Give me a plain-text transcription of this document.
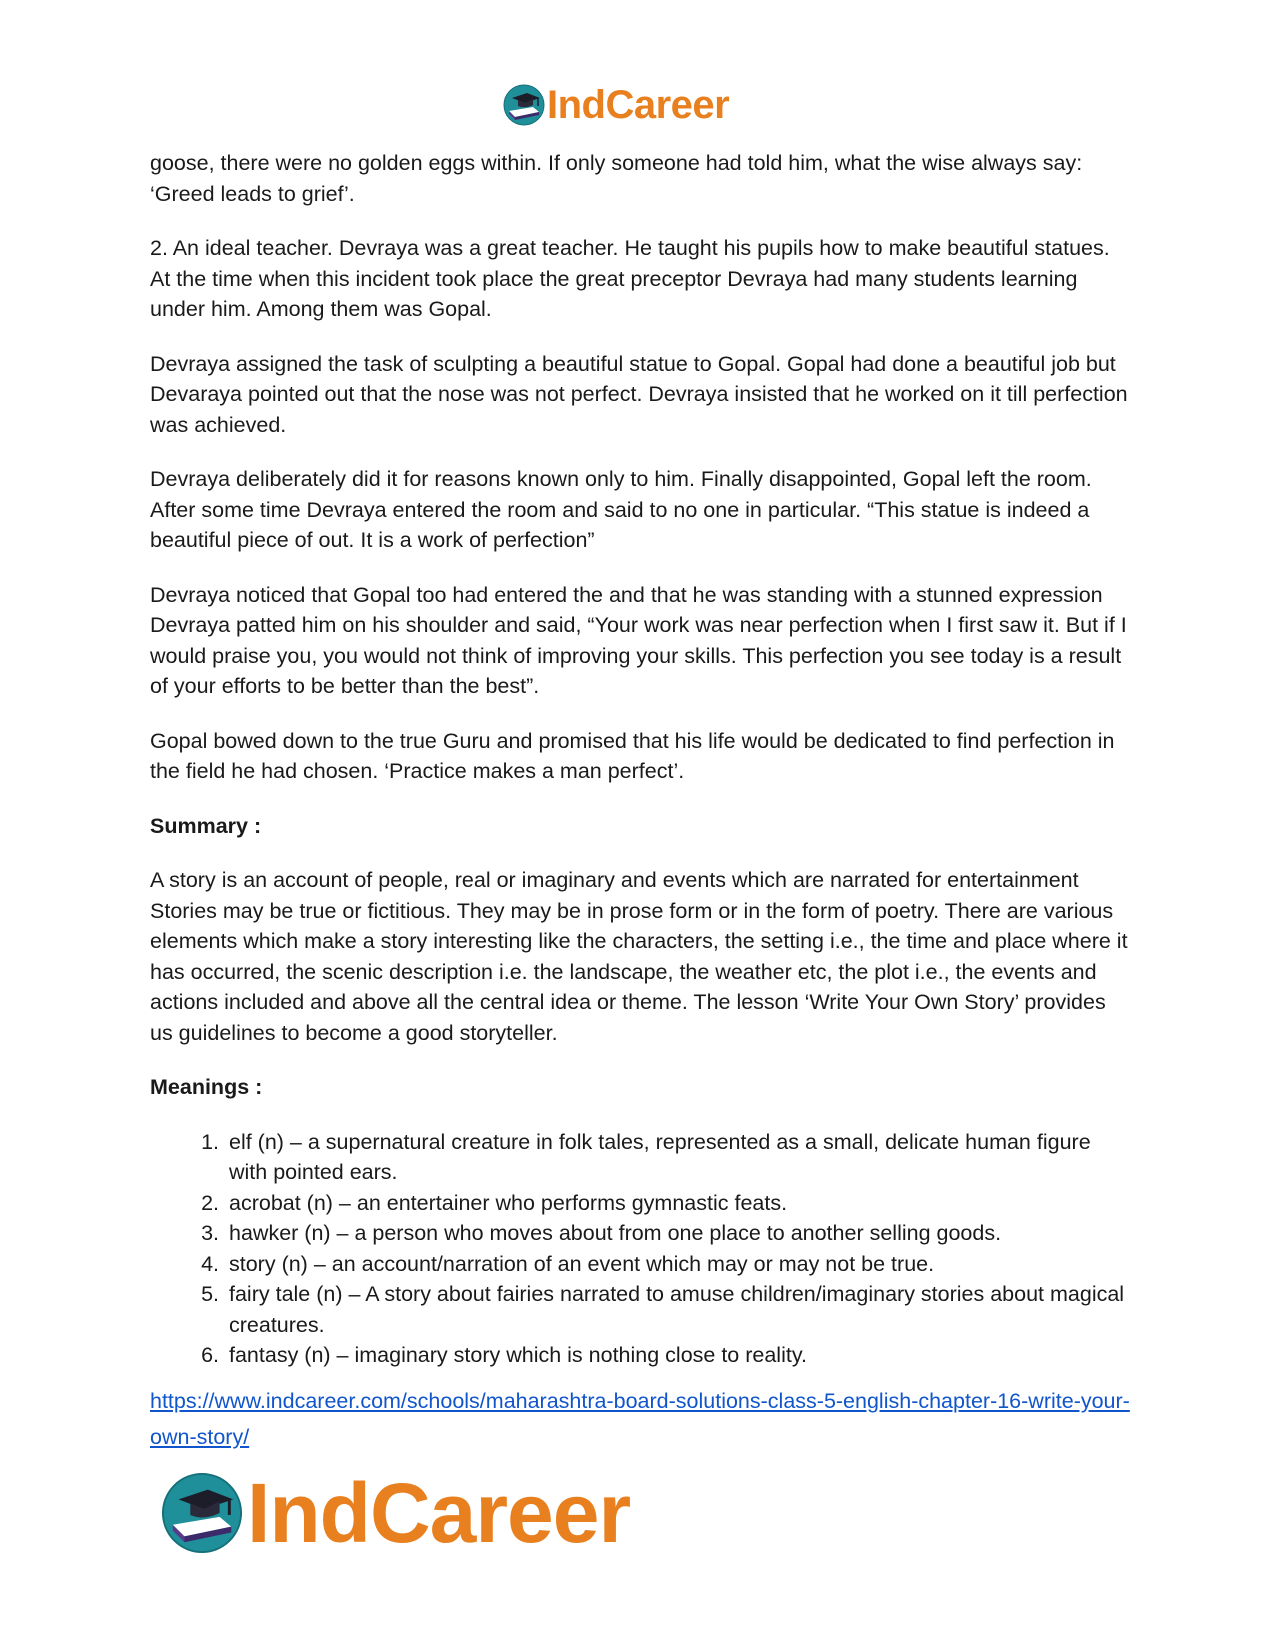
IndCareer

goose, there were no golden eggs within. If only someone had told him, what the wise always say: ‘Greed leads to grief’.

2. An ideal teacher. Devraya was a great teacher. He taught his pupils how to make beautiful statues. At the time when this incident took place the great preceptor Devraya had many students learning under him. Among them was Gopal.

Devraya assigned the task of sculpting a beautiful statue to Gopal. Gopal had done a beautiful job but Devaraya pointed out that the nose was not perfect. Devraya insisted that he worked on it till perfection was achieved.

Devraya deliberately did it for reasons known only to him. Finally disappointed, Gopal left the room. After some time Devraya entered the room and said to no one in particular. “This statue is indeed a beautiful piece of out. It is a work of perfection”

Devraya noticed that Gopal too had entered the and that he was standing with a stunned expression Devraya patted him on his shoulder and said, “Your work was near perfection when I first saw it. But if I would praise you, you would not think of improving your skills. This perfection you see today is a result of your efforts to be better than the best”.

Gopal bowed down to the true Guru and promised that his life would be dedicated to find perfection in the field he had chosen. ‘Practice makes a man perfect’.

Summary :

A story is an account of people, real or imaginary and events which are narrated for entertainment Stories may be true or fictitious. They may be in prose form or in the form of poetry. There are various elements which make a story interesting like the characters, the setting i.e., the time and place where it has occurred, the scenic description i.e. the landscape, the weather etc, the plot i.e., the events and actions included and above all the central idea or theme. The lesson ‘Write Your Own Story’ provides us guidelines to become a good storyteller.

Meanings :

1. elf (n) – a supernatural creature in folk tales, represented as a small, delicate human figure with pointed ears.
2. acrobat (n) – an entertainer who performs gymnastic feats.
3. hawker (n) – a person who moves about from one place to another selling goods.
4. story (n) – an account/narration of an event which may or may not be true.
5. fairy tale (n) – A story about fairies narrated to amuse children/imaginary stories about magical creatures.
6. fantasy (n) – imaginary story which is nothing close to reality.
https://www.indcareer.com/schools/maharashtra-board-solutions-class-5-english-chapter-16-write-your-own-story/
IndCareer
